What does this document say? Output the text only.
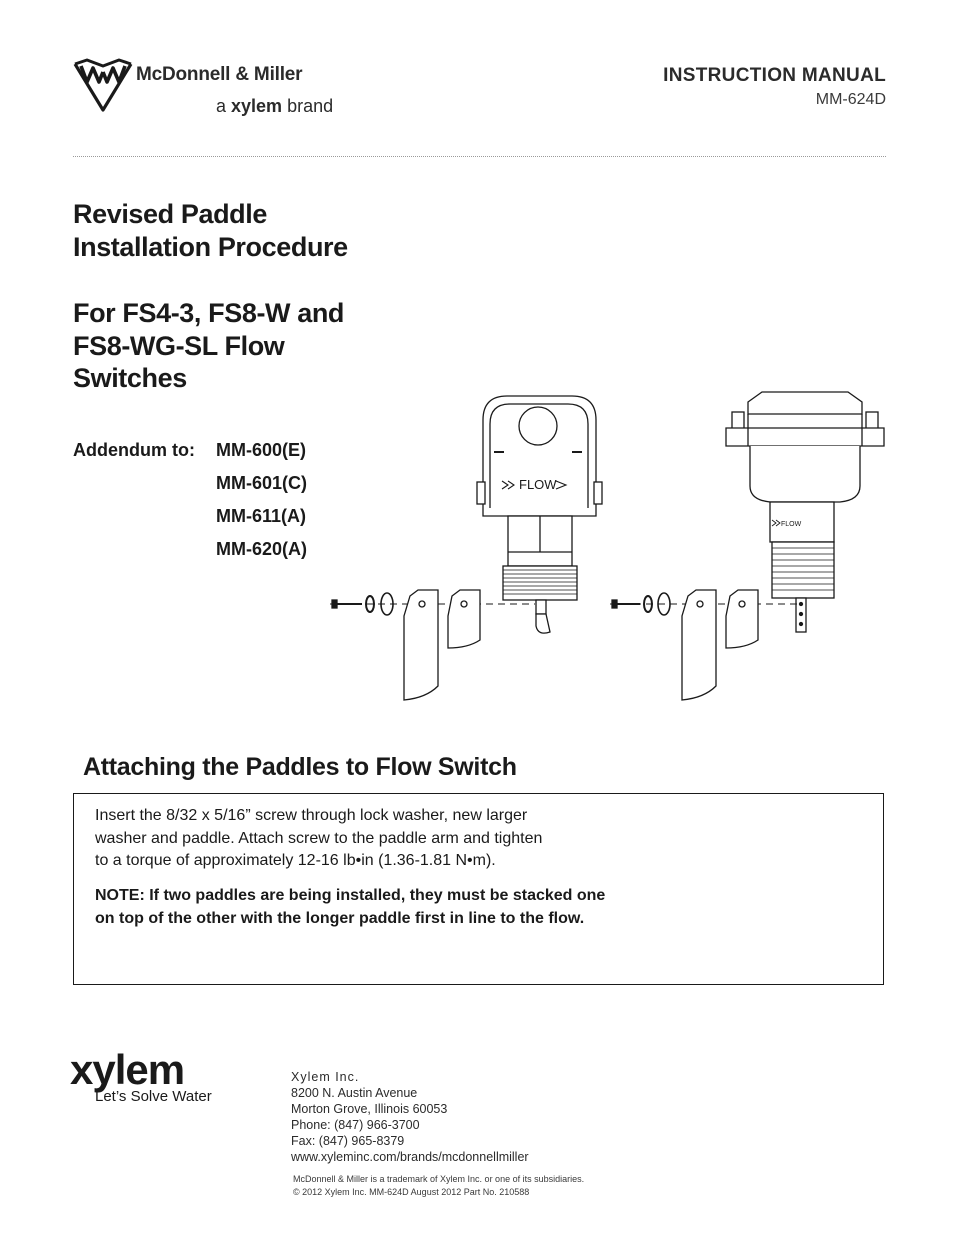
McDonnell & Miller
a xylem brand
INSTRUCTION MANUAL
MM-624D
Revised Paddle
Installation Procedure
For FS4-3, FS8-W and
FS8-WG-SL Flow
Switches
Addendum to: MM-600(E)
MM-601(C)
MM-611(A)
MM-620(A)
FLOW
FLOW
Attaching the Paddles to Flow Switch
Insert the 8/32 x 5/16” screw through lock washer, new larger
washer and paddle. Attach screw to the paddle arm and tighten
to a torque of approximately 12-16 lb•in (1.36-1.81 N•m).
NOTE: If two paddles are being installed, they must be stacked one
on top of the other with the longer paddle first in line to the flow.
xylem
Let’s Solve Water
Xylem Inc.
8200 N. Austin Avenue
Morton Grove, Illinois 60053
Phone: (847) 966-3700
Fax: (847) 965-8379
www.xyleminc.com/brands/mcdonnellmiller
McDonnell & Miller is a trademark of Xylem Inc. or one of its subsidiaries.
© 2012 Xylem Inc. MM-624D August 2012 Part No. 210588
